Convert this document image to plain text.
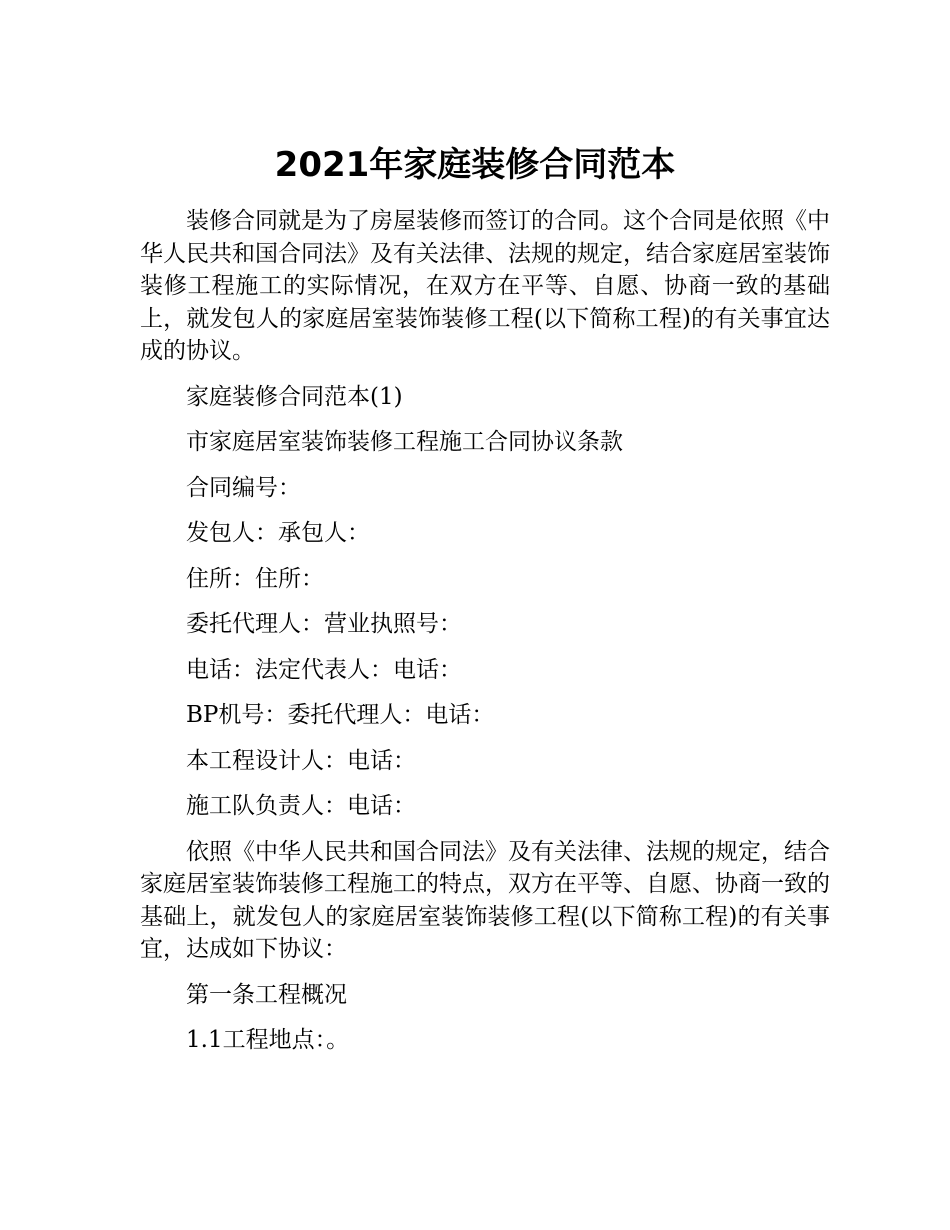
2021年家庭装修合同范本

装修合同就是为了房屋装修而签订的合同。这个合同是依照《中华人民共和国合同法》及有关法律、法规的规定，结合家庭居室装饰装修工程施工的实际情况，在双方在平等、自愿、协商一致的基础上，就发包人的家庭居室装饰装修工程(以下简称工程)的有关事宜达成的协议。

家庭装修合同范本(1)

市家庭居室装饰装修工程施工合同协议条款

合同编号：

发包人：承包人：

住所：住所：

委托代理人：营业执照号：

电话：法定代表人：电话：

BP机号：委托代理人：电话：

本工程设计人：电话：

施工队负责人：电话：

依照《中华人民共和国合同法》及有关法律、法规的规定，结合家庭居室装饰装修工程施工的特点，双方在平等、自愿、协商一致的基础上，就发包人的家庭居室装饰装修工程(以下简称工程)的有关事宜，达成如下协议：

第一条工程概况

1.1工程地点：。
